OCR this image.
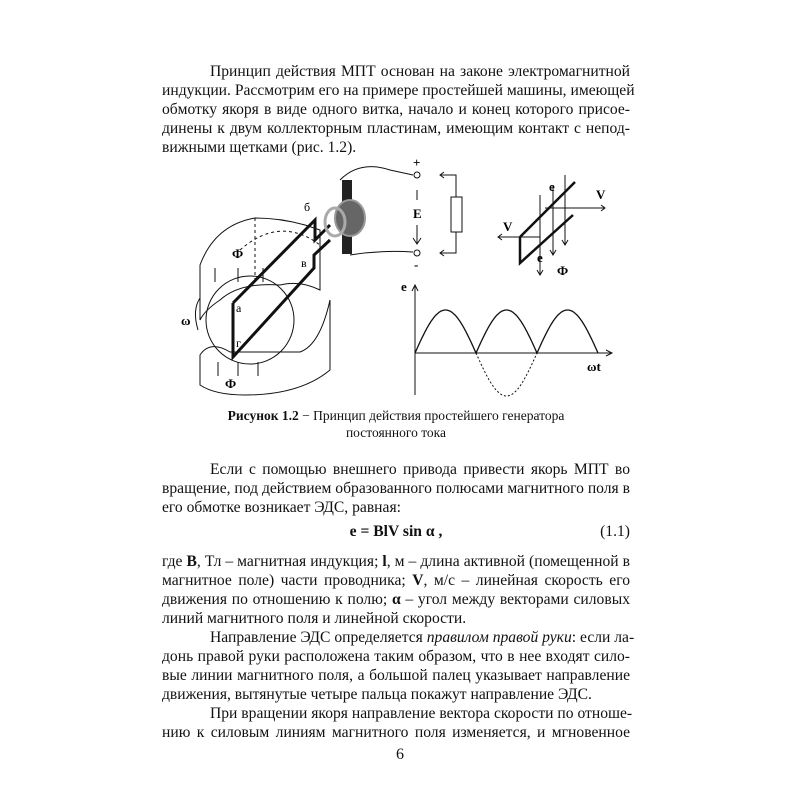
Принцип действия МПТ основан на законе электромагнитной
индукции. Рассмотрим его на примере простейшей машины, имеющей
обмотку якоря в виде одного витка, начало и конец которого присое-
динены к двум коллекторным пластинам, имеющим контакт с непод-
вижными щетками (рис. 1.2).
+
-
E
Ф
Ф
e
V
V
e
Ф
e
ωt
ω
б
в
а
г
Рисунок 1.2 − Принцип действия простейшего генератора
постоянного тока
Если с помощью внешнего привода привести якорь МПТ во
вращение, под действием образованного полюсами магнитного поля в
его обмотке возникает ЭДС, равная:
e = BlV sin α ,	(1.1)
где B, Тл – магнитная индукция; l, м – длина активной (помещенной в
магнитное поле) части проводника; V, м/с – линейная скорость его
движения по отношению к полю; α – угол между векторами силовых
линий магнитного поля и линейной скорости.
Направление ЭДС определяется правилом правой руки: если ла-
донь правой руки расположена таким образом, что в нее входят сило-
вые линии магнитного поля, а большой палец указывает направление
движения, вытянутые четыре пальца покажут направление ЭДС.
При вращении якоря направление вектора скорости по отноше-
нию к силовым линиям магнитного поля изменяется, и мгновенное
6
